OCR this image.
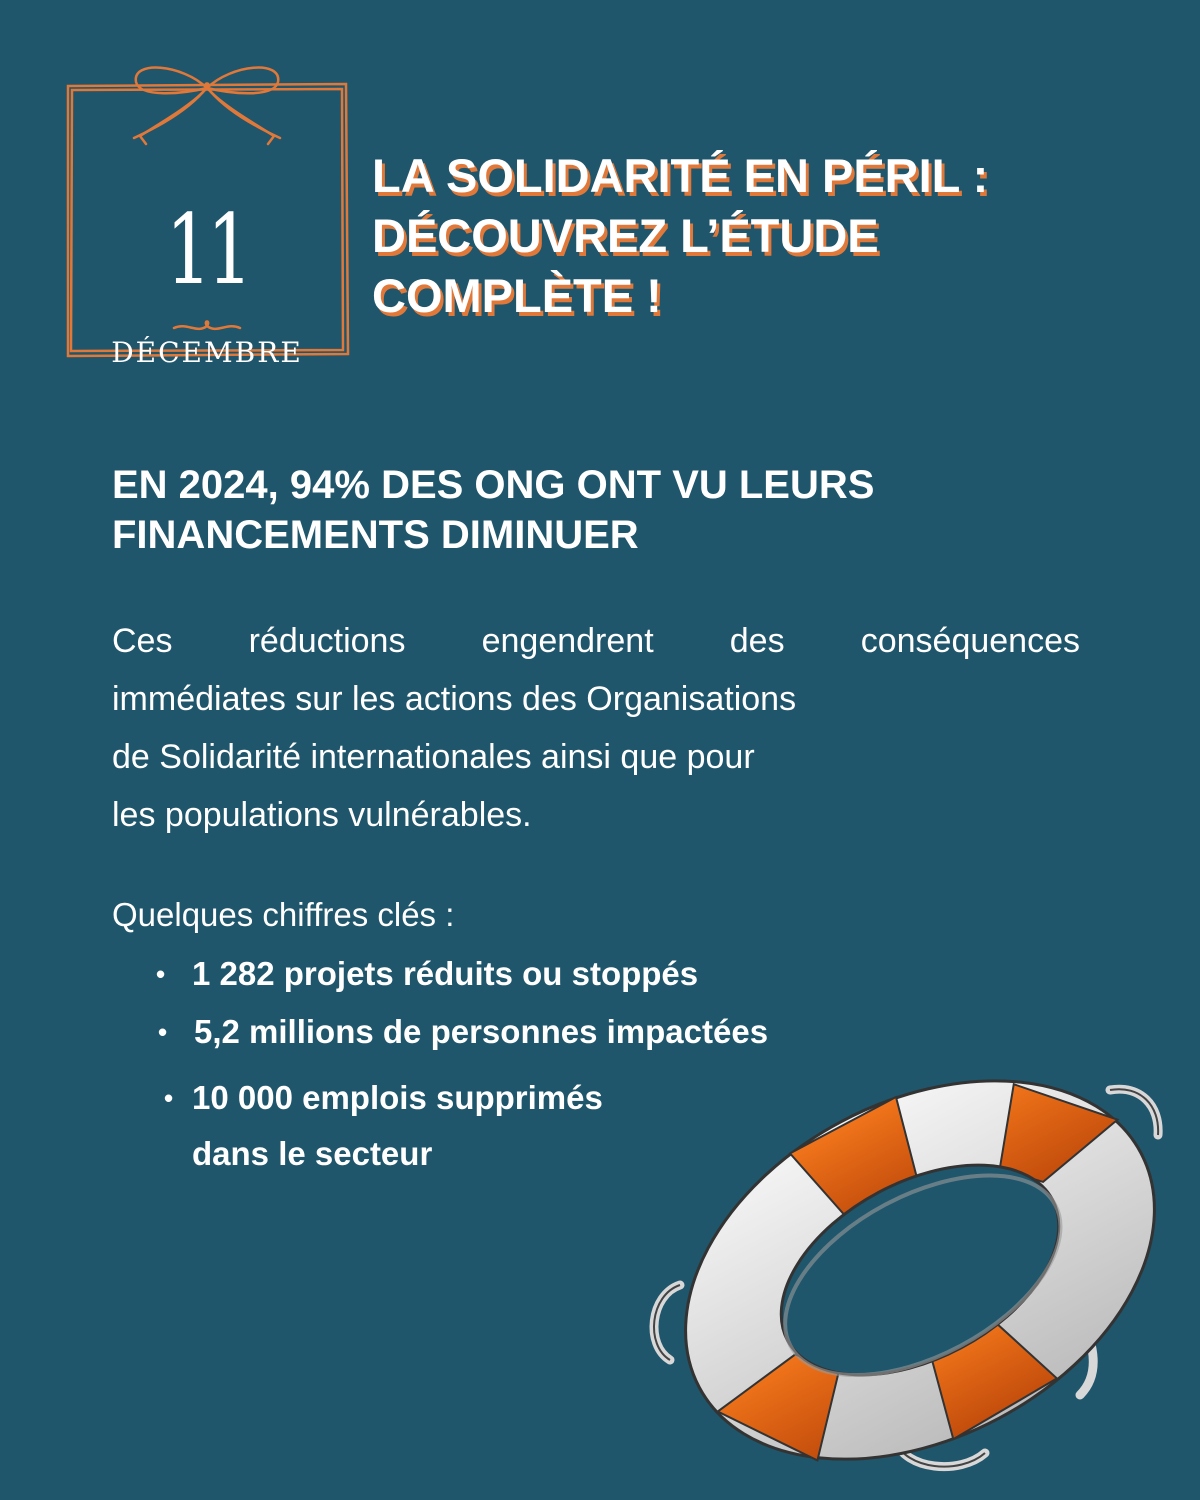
11
DÉCEMBRE
LA SOLIDARITÉ EN PÉRIL :
DÉCOUVREZ L’ÉTUDE
COMPLÈTE !
EN 2024, 94% DES ONG ONT VU LEURS
FINANCEMENTS DIMINUER

Ces réductions engendrent des conséquences
immédiates sur les actions des Organisations
de Solidarité internationales ainsi que pour
les populations vulnérables.

Quelques chiffres clés :

• 1 282 projets réduits ou stoppés
• 5,2 millions de personnes impactées
• 10 000 emplois supprimés
dans le secteur
